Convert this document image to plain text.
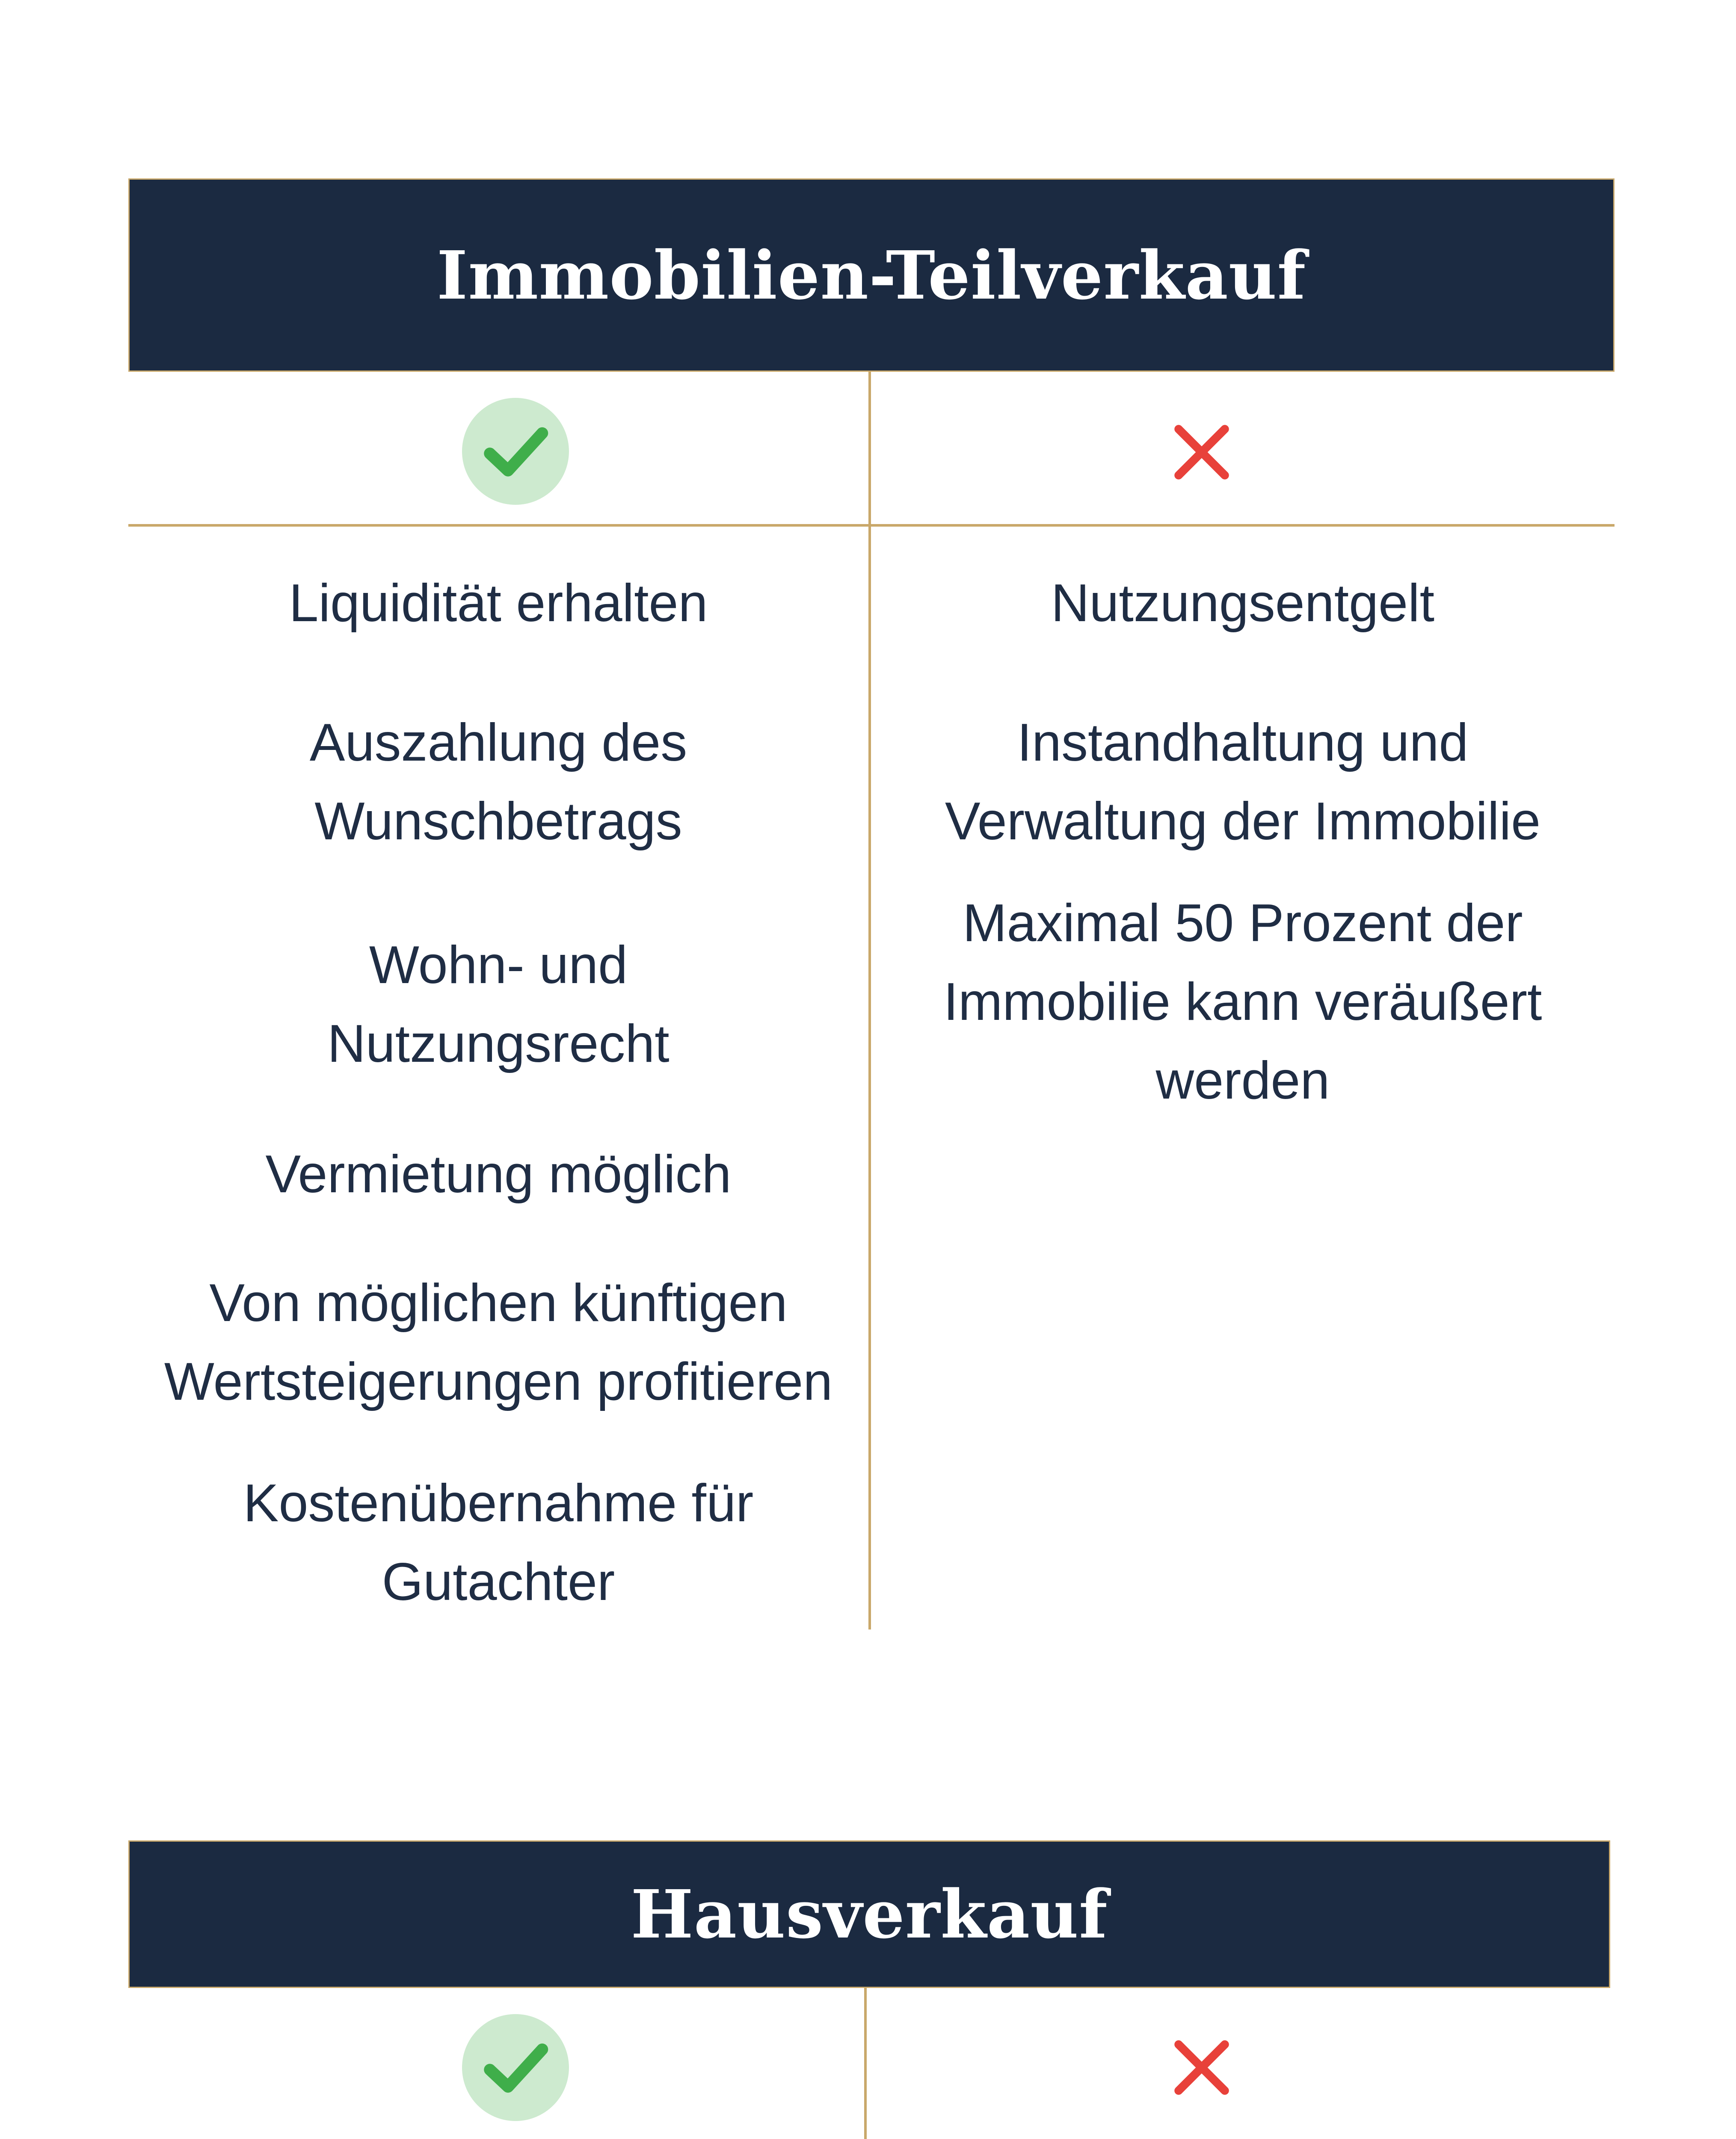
Immobilien-Teilverkauf
Liquidität erhalten
Auszahlung des Wunschbetrags
Wohn- und Nutzungsrecht
Vermietung möglich
Von möglichen künftigen Wertsteigerungen profitieren
Kostenübernahme für Gutachter
Nutzungsentgelt
Instandhaltung und Verwaltung der Immobilie
Maximal 50 Prozent der Immobilie kann veräußert werden
Hausverkauf
